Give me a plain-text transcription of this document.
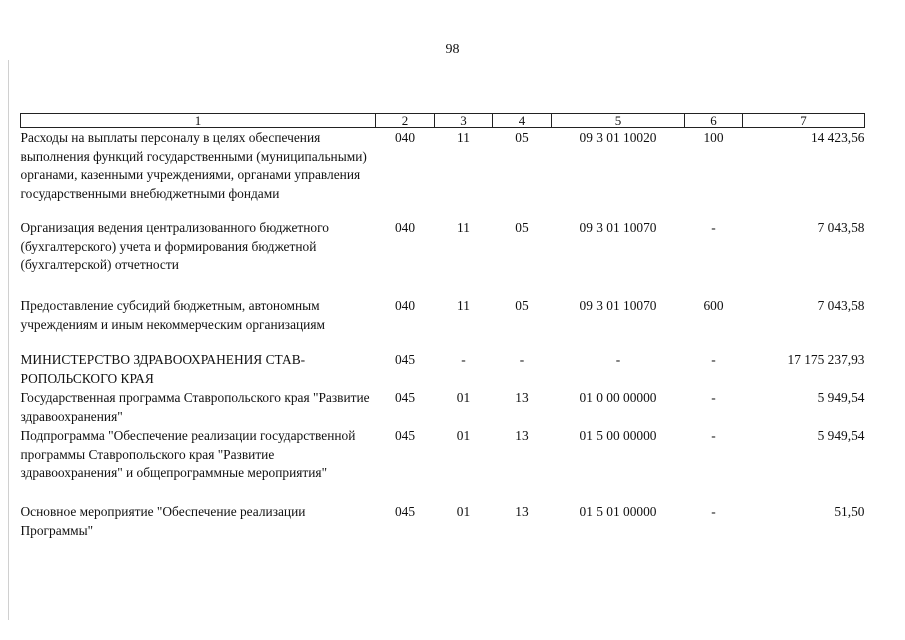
98
1	2	3	4	5	6	7
Расходы на выплаты персоналу в целях обеспечения выполнения функций государственными (муниципальными) органами, казенными учреждениями, органами управления государственными внебюджетными фондами	040	11	05	09 3 01 10020	100	14 423,56
Организация ведения централизованного бюджетного (бухгалтерского) учета и формирования бюджетной (бухгалтерской) отчетности	040	11	05	09 3 01 10070	-	7 043,58
Предоставление субсидий бюджетным, автономным учреждениям и иным некоммерческим организациям	040	11	05	09 3 01 10070	600	7 043,58
МИНИСТЕРСТВО ЗДРАВООХРАНЕНИЯ СТАВ-РОПОЛЬСКОГО КРАЯ	045	-	-	-	-	17 175 237,93
Государственная программа Ставропольского края "Развитие здравоохранения"	045	01	13	01 0 00 00000	-	5 949,54
Подпрограмма "Обеспечение реализации государственной программы Ставропольского края "Развитие здравоохранения" и общепрограммные мероприятия"	045	01	13	01 5 00 00000	-	5 949,54
Основное мероприятие "Обеспечение реализации Программы"	045	01	13	01 5 01 00000	-	51,50
